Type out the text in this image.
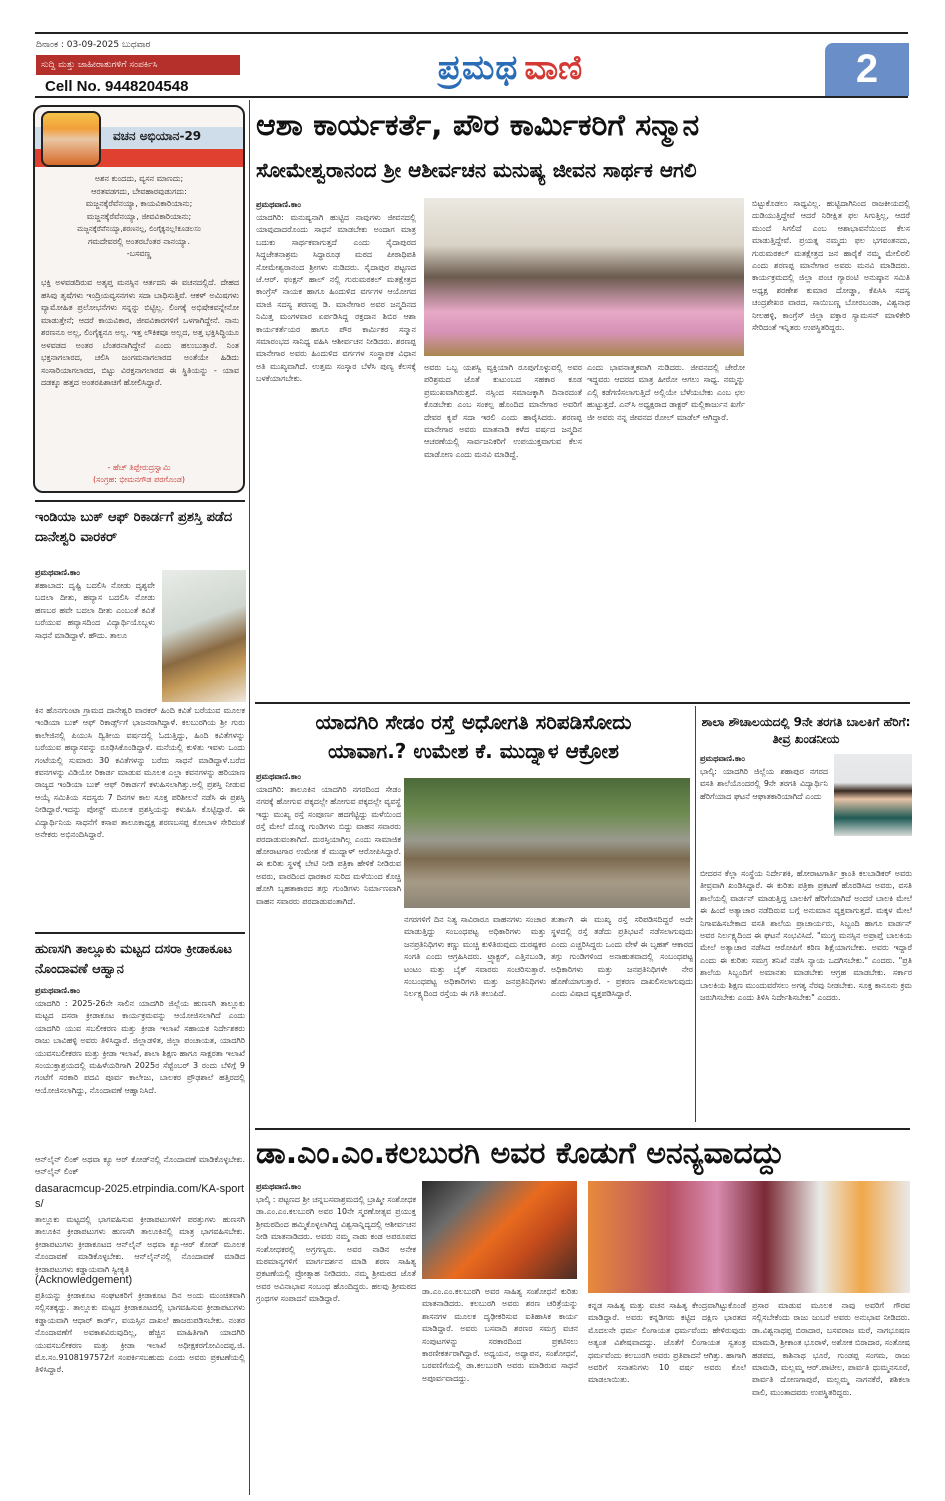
ದಿನಾಂಕ : 03-09-2025 ಬುಧವಾರ
ಸುದ್ದಿ ಮತ್ತು ಜಾಹೀರಾತುಗಳಿಗೆ ಸಂಪರ್ಕಿಸಿ
Cell No. 9448204548	ಪ್ರಮಥ ವಾಣಿ	2
ವಚನ ಅಭಿಯಾನ-29
ಅಶನ ಕುಂದದು, ವ್ಯಸನ ಮಾಣದು;
ಆರತವಡಗದು, ಬೇವಹಾರವುಡುಗದು:
ಮಜ್ಜನಕ್ಕೆರೆವೆನಯ್ಯಾ, ಕಾಯವಿಕಾರಿಯಾನು;
ಮಜ್ಜನಕ್ಕೆರೆವೆನಯ್ಯಾ, ಜೀವವಿಕಾರಿಯಾನು;
ಮಜ್ಜನಕ್ಕೆರೆವೆನಯ್ಯಾ,ಶರಣನಲ್ಲ, ಲಿಂಗೈಕ್ಯನಲ್ಲ!ಕೂಡಲಸಂ
ಗಮದೇವರಲ್ಲಿ ಅಂತರಬೆಂತರ ನಾನಯ್ಯಾ.
-ಬಸವಣ್ಣ
ಭಕ್ತಿ ಅಳವಡದಿರುವ ಅತೃಪ್ತ ಮನಸ್ಸಿನ ಆರ್ತದನಿ ಈ ವಚನದಲ್ಲಿದೆ. ದೇಹದ ಹಸಿವು ತೃಷೆಗಳು ಇಂದ್ರಿಯವ್ಯಸನಗಳು ಸದಾ ಬಾಧಿಸುತ್ತಿವೆ. ಆಕಳ್ ಅಮಿಷಗಳು ವ್ಯಾಮೋಹಿತ ಪ್ರಲೋಭನೆಗಳು ಸನ್ನನ್ನು ಬಿಟ್ಟಿಲ್ಲ. ಲಿಂಗಕ್ಕೆ ಅಭಿಷೇಕವನ್ನೇನೋ ಮಾಡುತ್ತೇನೆ; ಆದರೆ ಕಾಯವಿಕಾರ, ಜೀವವಿಕಾರಗಳಿಗೆ ಒಳಗಾಗಿದ್ದೇನೆ. ನಾನು ಶರಣನೂ ಅಲ್ಲ, ಲಿಂಗೈಕ್ಯನೂ ಅಲ್ಲ. ಇತ್ತ ಲೌಕಿಕವೂ ಅಲ್ಲದ, ಅತ್ತ ಭಕ್ತಿಸಿದ್ಧಿಯೂ ಅಳವಡದ ಅಂತರ ಬೆಂತರನಾಗಿದ್ದೇನೆ ಎಂದು ಹಲುಬುತ್ತಾರೆ. ನಿಂತ ಭಕ್ತನಾಗಲಾರದ, ಚಲಿಸಿ ಜಂಗಮನಾಗಲಾರದ ಅಂತೆಯೇ ಹಿಡಿದು ಸಂಸಾರಿಯಾಗಲಾರದ, ಬಿಟ್ಟು ವಿರಕ್ತನಾಗಲಾರದ ಈ ಸ್ಥಿತಿಯನ್ನು - ಯಾವ ದಡಕ್ಕೂ ಹತ್ತದ ಅಂತರಪಿಶಾಚಿಗೆ ಹೋಲಿಸಿದ್ದಾರೆ.
- ಹೆಚ್ ತಿಪ್ಪೇರುದ್ರಸ್ವಾಮಿ
(ಸಂಗ್ರಹ: ಭೀಮನಗೌಡ ಪರಗೊಂಡ)
ಇಂಡಿಯಾ ಬುಕ್ ಆಫ್ ರಿಕಾರ್ಡಗೆ ಪ್ರಶಸ್ತಿ ಪಡೆದ ದಾನೇಶ್ವರಿ ವಾರಕರ್
ಪ್ರಮಥವಾಣಿ.ಕಾಂ
ಶಹಾಬಾದ: ದೃಷ್ಟಿ ಬದಲಿಸಿ ನೋಡು ದೃಶ್ಯವೇ ಬದಲಾ ದೀತು, ಹವ್ಯಾಸ ಬದಲಿಸಿ ನೋಡು ಹಣಬರ ಹವೇ ಬದಲಾ ದೀತು ಎಂಬಂತೆ ಕವಿತೆ ಬರೆಯುವ ಹವ್ಯಾಸದಿಂದ ವಿದ್ಯಾರ್ಥಿಯೊಬ್ಬಳು ಸಾಧನೆ ಮಾಡಿದ್ದಾಳೆ. ಹೌದು. ತಾಲೂ
ಕಿನ ಹೊನಗುಂಟಾ ಗ್ರಾಮದ ದಾನೇಶ್ವರಿ ವಾರಕರ್ ಹಿಂದಿ ಕವಿತೆ ಬರೆಯುವ ಮೂಲಕ ಇಂಡಿಯಾ ಬುಕ್ ಆಫ್ ರಿಕಾರ್ಡ್ಸ್‌ಗೆ ಭಾಜನರಾಗಿದ್ದಾಳೆ. ಕಲಬುರಗಿಯ ಶ್ರೀ ಗುರು ಕಾಲೇಜಿನಲ್ಲಿ ಪಿಯುಸಿ ದ್ವಿತೀಯ ವರ್ಷದಲ್ಲಿ ಓದುತ್ತಿದ್ದು, ಹಿಂದಿ ಕವಿತೆಗಳನ್ನು ಬರೆಯುವ ಹವ್ಯಾಸವನ್ನು ರೂಢಿಸಿಕೊಂಡಿದ್ದಾಳೆ. ಮನೆಯಲ್ಲಿ ಕುಳಿತು ಇವಳು ಒಂದು ಗಂಟೆಯಲ್ಲಿ ಸುಮಾರು 30 ಕವಿತೆಗಳನ್ನು ಬರೆದು ಸಾಧನೆ ಮಾಡಿದ್ದಾಳೆ.ಬರೆದ ಕವನಗಳನ್ನು ವಿಡಿಯೋ ರಿಕಾರ್ಡ ಮಾಡುವ ಮೂಲಕ ಎಲ್ಲಾ ಕವನಗಳನ್ನು ಹರಿಯಾಣ ರಾಜ್ಯದ ಇಂಡಿಯಾ ಬುಕ್ ಆಫ್ ರಿಕಾರ್ಡಗೆ ಕಳುಹಿಸಲಾಗಿತ್ತು.ಅಲ್ಲಿ ಪ್ರಶಸ್ತಿ ನೀಡುವ ಆಯ್ಕೆ ಸಮಿತಿಯ ಸದಸ್ಯರು 7 ದಿನಗಳ ಕಾಲ ಸೂಕ್ತ ಪರಿಶೀಲನೆ ನಡೆಸಿ ಈ ಪ್ರಶಸ್ತಿ ನೀಡಿದ್ದಾರೆ.ಇದನ್ನು ಪೋಸ್ಟ್ ಮೂಲಕ ಪ್ರಶಸ್ತಿಯನ್ನು ಕಳುಹಿಸಿ ಕೊಟ್ಟಿದ್ದಾರೆ. ಈ ವಿದ್ಯಾರ್ಥಿನಿಯ ಸಾಧನೆಗೆ ಕಸಾಪ ತಾಲೂಕಾಧ್ಯಕ್ಷ ಶರಣಬಸಪ್ಪ ಕೋಬಾಳ ಸೇರಿದಂತೆ ಅನೇಕರು ಅಭಿನಂದಿಸಿದ್ದಾರೆ.
ಹುಣಸಗಿ ತಾಲ್ಲೂಕು ಮಟ್ಟದ ದಸರಾ ಕ್ರೀಡಾಕೂಟ ನೊಂದಾವಣೆ ಆಹ್ವಾನ
ಪ್ರಮಥವಾಣಿ.ಕಾಂ
ಯಾದಗಿರಿ : 2025-26ನೇ ಸಾಲಿನ ಯಾದಗಿರಿ ಜಿಲ್ಲೆಯ ಹುಣಸಗಿ ತಾಲ್ಲೂಕು ಮಟ್ಟದ ದಸರಾ ಕ್ರೀಡಾಕೂಟ ಕಾರ್ಯಕ್ರಮವನ್ನು ಆಯೋಜಿಸಲಾಗಿದೆ ಎಂದು ಯಾದಗಿರಿ ಯುವ ಸಬಲೀಕರಣ ಮತ್ತು ಕ್ರೀಡಾ ಇಲಾಖೆ ಸಹಾಯಕ ನಿರ್ದೇಶಕರು ರಾಜು ಬಾವಿಹಳ್ಳಿ ಅವರು ತಿಳಿಸಿದ್ದಾರೆ. ಜಿಲ್ಲಾಡಳಿತ, ಜಿಲ್ಲಾ ಪಂಚಾಯತ, ಯಾದಗಿರಿ ಯುವಸಬಲೀಕರಣ ಮತ್ತು ಕ್ರೀಡಾ ಇಲಾಖೆ, ಶಾಲಾ ಶಿಕ್ಷಣ ಹಾಗೂ ಸಾಕ್ಷರತಾ ಇಲಾಖೆ ಸಂಯುಕ್ತಾಶ್ರಯದಲ್ಲಿ ಮಹಿಳೆಯರಿಗಾಗಿ 2025ರ ಸೆಪ್ಟೆಂಬರ್ 3 ರಂದು ಬೆಳಿಗ್ಗೆ 9 ಗಂಟೆಗೆ ಸರಕಾರಿ ಪದವಿ ಪೂರ್ವ ಕಾಲೇಜು, ಬಾಲಕರ ಪ್ರೌಢಶಾಲೆ ಹತ್ತಿರದಲ್ಲಿ ಆಯೋಜಿಸಲಾಗಿದ್ದು, ನೊಂದಾವಣೆ ಆಹ್ವಾನಿಸಿದೆ.
ಆನ್‌ಲೈನ್ ಲಿಂಕ್ ಅಥವಾ ಕ್ಯೂ ಆರ್ ಕೋಡ್‌ನಲ್ಲಿ ನೊಂದಾವಣೆ ಮಾಡಿಕೊಳ್ಳಬೇಕು. ಆನ್‌ಲೈನ್ ಲಿಂಕ್
dasaracmcup-2025.etrpindia.com/KA-sports/
ತಾಲ್ಲೂಕು ಮಟ್ಟದಲ್ಲಿ ಭಾಗವಹಿಸುವ ಕ್ರೀಡಾಪಟುಗಳಿಗೆ ಪರತ್ತುಗಳು ಹುಣಸಗಿ ತಾಲೂಕಿನ ಕ್ರೀಡಾಪಟುಗಳು ಹುಣಸಗಿ ತಾಲೂಕಿನಲ್ಲಿ ಮಾತ್ರ ಭಾಗವಹಿಸಬೇಕು. ಕ್ರೀಡಾಪಟುಗಳು ಕ್ರೀಡಾಕೂಟದ ಆನ್‌ಲೈನ್ ಅಥವಾ ಕ್ಯೂ-ಆರ್ ಕೋಡ್ ಮೂಲಕ ನೊಂದಾವಣೆ ಮಾಡಿಕೊಳ್ಳಬೇಕು. ಆನ್‌ಲೈನ್‌ನಲ್ಲಿ ನೊಂದಾವಣೆ ಮಾಡಿದ ಕ್ರೀಡಾಪಟುಗಳು ಕಡ್ಡಾಯವಾಗಿ ಸ್ವೀಕೃತಿ
(Acknowledgement)
ಪ್ರತಿಯನ್ನು ಕ್ರೀಡಾಕೂಟ ಸಂಘಟಕರಿಗೆ ಕ್ರೀಡಾಕೂಟ ದಿನ ಅಂದು ಮುಂಚಿತವಾಗಿ ಸಲ್ಲಿಸತಕ್ಕದ್ದು. ತಾಲ್ಲೂಕು ಮಟ್ಟದ ಕ್ರೀಡಾಕೂಟದಲ್ಲಿ ಭಾಗವಹಿಸುವ ಕ್ರೀಡಾಪಟುಗಳು ಕಡ್ಡಾಯವಾಗಿ ಆಧಾರ್ ಕಾರ್ಡ್, ವಯಸ್ಸಿನ ದಾಖಲೆ ಹಾಜರುಪಡಿಸಬೇಕು. ನಂತರ ನೊಂದಾವಣೆಗೆ ಅವಕಾಶವಿರುವುದಿಲ್ಲ, ಹೆಚ್ಚಿನ ಮಾಹಿತಿಗಾಗಿ ಯಾದಗಿರಿ ಯುವಸಬಲೀಕರಣ ಮತ್ತು ಕ್ರೀಡಾ ಇಲಾಖೆ ಅಧೀಕ್ಷಕರಗೋವಿಂದಪ್ಪ.ಜಿ. ಮೊ.ಸಂ.9108197572ಗೆ ಸಂಪರ್ಕಿಸಬಹುದು ಎಂದು ಅವರು ಪ್ರಕಟಣೆಯಲ್ಲಿ ತಿಳಿಸಿದ್ದಾರೆ.
ಆಶಾ ಕಾರ್ಯಕರ್ತೆ, ಪೌರ ಕಾರ್ಮಿಕರಿಗೆ ಸನ್ಮಾನ
ಸೋಮೇಶ್ವರಾನಂದ ಶ್ರೀ ಆಶೀರ್ವಚನ ಮನುಷ್ಯ ಜೀವನ ಸಾರ್ಥಕ ಆಗಲಿ
ಪ್ರಮಥವಾಣಿ.ಕಾಂ
ಯಾದಗಿರಿ: ಮನುಷ್ಯನಾಗಿ ಹುಟ್ಟಿದ ನಾವುಗಳು ಜೀವನದಲ್ಲಿ ಯಾವುದಾದರೊಂದು ಸಾಧನೆ ಮಾಡಬೇಕು ಅಂದಾಗ ಮಾತ್ರ ಬದುಕು ಸಾರ್ಥಕವಾಗುತ್ತದೆ ಎಂದು ಸೈದಾಪುರದ ಸಿದ್ಧಜೇತನಾಶ್ರಮ ಸಿದ್ಧಾರೂಢ ಮಠದ ಪೀಠಾಧಿಪತಿ ಸೋಮೇಶ್ವರಾನಂದ ಶ್ರೀಗಳು ನುಡಿದರು. ಸೈದಾಪುರ ಪಟ್ಟಣದ ಜೆ.ಆರ್. ಫಂಕ್ಷನ್ ಹಾಲ್ ನಲ್ಲಿ ಗುರುಮಠಕಲ್ ಮತಕ್ಷೇತ್ರದ ಕಾಂಗ್ರೆಸ್ ನಾಯಕ ಹಾಗೂ ಹಿಂದುಳಿದ ವರ್ಗಗಳ ಆಯೋಗದ ಮಾಜಿ ಸದಸ್ಯ ಶರಣಪ್ಪ ಡಿ. ಮಾನೇಗಾರ ಅವರ ಜನ್ಮದಿನದ ನಿಮಿತ್ತ ಮಂಗಳವಾರ ಏರ್ಪಡಿಸಿದ್ದ ರಕ್ತದಾನ ಶಿಬಿರ ಆಶಾ ಕಾರ್ಯಕರ್ತೆಯರ ಹಾಗೂ ಪೌರ ಕಾರ್ಮಿಕರ ಸನ್ಮಾನ ಸಮಾರಂಭದ ಸಾನಿಧ್ಯ ವಹಿಸಿ ಆಶೀರ್ವಚನ ನೀಡಿದರು. ಶರಣಪ್ಪ ಮಾನೇಗಾರ ಅವರು ಹಿಂದುಳಿದ ವರ್ಗಗಳ ಸಂಸ್ಥಾಪಕ ವಿಧಾನ ಅತಿ ಮುಖ್ಯವಾಗಿದೆ. ಉತ್ತಮ ಸಂಸ್ಕಾರ ಬೆಳೆಸಿ ಪುಣ್ಯ ಕೆಲಸಕ್ಕೆ ಬಳಕೆಯಾಗಬೇಕು.
ಅವರು ಒಬ್ಬ ಯಶಸ್ವಿ ವ್ಯಕ್ತಿಯಾಗಿ ರೂಪುಗೊಳ್ಳುವಲ್ಲಿ ಅವರ ಪರಿಶ್ರಮದ ಜೊತೆ ಕುಟುಂಬದ ಸಹಕಾರ ಕೂಡ ಪ್ರಮುಖವಾಗಿರುತ್ತದೆ. ನಸ್ಸಿಂದ ಸಮಾಜಕ್ಕಾಗಿ ದಿನಾರದಂತೆ ಕೊಡಬೇಕು ಎಂಬ ಸಂಕಲ್ಪ ಹೊಂದಿದ ಮಾನೇಗಾರ ಅವರಿಗೆ ದೇವರ ಕೃಪೆ ಸದಾ ಇರಲಿ ಎಂದು ಹಾರೈಸಿದರು. ಶರಣಪ್ಪ ಮಾನೇಗಾರ ಅವರು ಮಾತನಾಡಿ ಕಳೆದ ವರ್ಷದ ಜನ್ಮದಿನ ಆಚರಣೆಯಲ್ಲಿ ಸಾರ್ವಜನಿಕರಿಗೆ ಉಪಯುಕ್ತವಾಗುವ ಕೆಲಸ ಮಾಡೋಣ ಎಂದು ಮನವಿ ಮಾಡಿದ್ದೆ.
ಎಂದು ಭಾವನಾತ್ಮಕವಾಗಿ ನುಡಿದರು. ಜೀವನದಲ್ಲಿ ಜೇರೋ ಇದ್ದವರು ಆದರದ ಮಾತ್ರ ಹೀರೋ ಆಗಲು ಸಾಧ್ಯ. ನಮ್ಮನ್ನು ಎಲ್ಲಿ ಕಡೆಗಣಿಸಲಾಗುತ್ತಿದೆ ಅಲ್ಲಿಯೇ ಬೆಳೆಯಬೇಕು ಎಂಬ ಛಲ ಹುಟ್ಟುತ್ತದೆ. ಎನ್‌ಸಿ ಅಧ್ಯಕ್ಷರಾದ ಡಾಕ್ಟರ್ ಮಲ್ಲಿಕಾರ್ಜುನ ಖರ್ಗೆ ಜೀ ಅವರು ನನ್ನ ಜೀವನದ ರೋಲ್ ಮಾಡೆಲ್ ಆಗಿದ್ದಾರೆ.
ಬಿಟ್ಟುಕೊಡಲು ಸಾಧ್ಯವಿಲ್ಲ. ಹುಟ್ಟಿದಾಗಿನಿಂದ ರಾಜಕೀಯದಲ್ಲಿ ದುಡಿಯುತ್ತಿದ್ದೇವೆ ಆದರೆ ನಿರೀಕ್ಷಿತ ಫಲ ಸಿಗುತ್ತಿಲ್ಲ, ಆದರೆ ಮುಂದೆ ಸಿಗಲಿದೆ ಎಂಬ ಆಶಾಭಾವನೆಯಿಂದ ಕೆಲಸ ಮಾಡುತ್ತಿದ್ದೇವೆ. ಪ್ರಯತ್ನ ನಮ್ಮದು ಫಲ ಭಗವಂತನದು, ಗುರುಮಠಕಲ್ ಮತಕ್ಷೇತ್ರದ ಜನ ಹಾರೈಕೆ ನಮ್ಮ ಮೇಲಿರಲಿ ಎಂದು ಶರಣಪ್ಪ ಮಾನೇಗಾರ ಅವರು ಮನವಿ ಮಾಡಿದರು. ಕಾರ್ಯಕ್ರಮದಲ್ಲಿ ಜಿಲ್ಲಾ ಪಂಚ ಗ್ಯಾರಂಟಿ ಅನುಷ್ಠಾನ ಸಮಿತಿ ಅಧ್ಯಕ್ಷ ಶರಣೇಶ ಕುಮಾರ ದೋಡ್ಡಾ, ಕೆಪಿಸಿಸಿ ಸದಸ್ಯ ಚಂದ್ರಶೇಖರ ವಾರದ, ಸಾಯಿಬಣ್ಣ ಬೋರಬಂಡಾ, ವಿಶ್ವನಾಥ ನೀಲಹಳ್ಳಿ, ಕಾಂಗ್ರೆಸ್ ಜಿಲ್ಲಾ ವಕ್ತಾರ ಸ್ಯಾಮಸನ್ ಮಾಳಿಕೇರಿ ಸೇರಿದಂತೆ ಇನ್ನಿತರು ಉಪಸ್ಥಿತರಿದ್ದರು.
ಯಾದಗಿರಿ ಸೇಡಂ ರಸ್ತೆ ಅಧೋಗತಿ ಸರಿಪಡಿಸೋದು
ಯಾವಾಗ.? ಉಮೇಶ ಕೆ. ಮುದ್ನಾಳ ಆಕ್ರೋಶ
ಪ್ರಮಥವಾಣಿ.ಕಾಂ
ಯಾದಗಿರಿ: ತಾಲೂಕಿನ ಯಾದಗಿರಿ ನಗರದಿಂದ ಸೇಡಂ ನಗರಕ್ಕೆ ಹೋಗುವ ಪಕ್ಕದಲ್ಲೇ ಹೋಗುವ ಪಕ್ಕದಲ್ಲೇ ವ್ಯವಸ್ಥೆ ಇದ್ದು ಮುಖ್ಯ ರಸ್ತೆ ಸಂಪೂರ್ಣ ಹದಗೆಟ್ಟಿದ್ದು ಮಳೆಯಿಂದ ರಸ್ತೆ ಮೇಲೆ ದೊಡ್ಡ ಗುಂಡಿಗಳು ಬಿದ್ದು ವಾಹನ ಸವಾರರು ಪರದಾಡುವಂತಾಗಿದೆ. ದುರಸ್ತಿಯಾಗಿಲ್ಲ ಎಂದು ಸಾಮಾಜಿಕ ಹೋರಾಟಗಾರ ಉಮೇಶ ಕೆ ಮುದ್ನಾಳ್ ಆರೋಪಿಸಿದ್ದಾರೆ. ಈ ಕುರಿತು ಸ್ಥಳಕ್ಕೆ ಬೇಟಿ ನೀಡಿ ಪತ್ರಿಕಾ ಹೇಳಿಕೆ ನೀಡಿರುವ ಅವರು, ವಾರದಿಂದ ಧಾರಕಾರ ಸುರಿದ ಮಳೆಯಿಂದ ಕೊಚ್ಚಿ ಹೋಗಿ ಬೃಹತಾಕಾರದ ತಗ್ಗು ಗುಂಡಿಗಳು ನಿರ್ಮಾಣವಾಗಿ ವಾಹನ ಸವಾರರು ಪರದಾಡುವಂತಾಗಿದೆ.
ನಗರಗಳಿಗೆ ದಿನ ನಿತ್ಯ ಸಾವಿರಾರೂ ವಾಹನಗಳು ಸಂಚಾರ ಮಾಡುತ್ತಿದ್ದು ಸಂಬಂಧಪಟ್ಟ ಅಧಿಕಾರಿಗಳು ಮತ್ತು ಜನಪ್ರತಿನಿಧಿಗಳು ಕಣ್ಣು ಮುಚ್ಚಿ ಕುಳಿತಿರುವುದು ದುರಷ್ಟಕರ ಸಂಗತಿ ಎಂದು ಆಗ್ರಹಿಸಿದರು. ಟ್ರ್ಯಾಕ್ಟರ್, ಎತ್ತಿನಬಂಡಿ, ಟಂಟಂ ಮತ್ತು ಬೈಕ್ ಸವಾರರು ಸಂಚರಿಸುತ್ತಾರೆ. ಸಂಬಂಧಪಟ್ಟ ಅಧಿಕಾರಿಗಳು ಮತ್ತು ಜನಪ್ರತಿನಿಧಿಗಳು ನಿರ್ಲಕ್ಷ್ಯದಿಂದ ರಸ್ತೆಯ ಈ ಗತಿ ತಲುಪಿದೆ.
ತುರ್ತಾಗಿ ಈ ಮುಖ್ಯ ರಸ್ತೆ ಸರಿಪಡಿಸದಿದ್ದರೆ ಅದೇ ಸ್ಥಳದಲ್ಲಿ ರಸ್ತೆ ತಡೆದು ಪ್ರತಿಭಟನೆ ನಡೆಸಲಾಗುವುದು ಎಂದು ಎಚ್ಚರಿಸಿದ್ದರು ಒಂದು ವೇಳೆ ಈ ಬೃಹತ್ ಆಕಾರದ ತಗ್ಗು ಗುಂಡಿಗಳಿಂದ ಅನಾಹುತವಾದಲ್ಲಿ ಸಂಬಂಧಪಟ್ಟ ಅಧಿಕಾರಿಗಳು ಮತ್ತು ಜನಪ್ರತಿನಿಧಿಗಳೇ ನೇರ ಹೊಣೆಯಾಗುತ್ತಾರೆ. - ಪ್ರಕರಣ ದಾಖಲಿಸಲಾಗುವುದು ಎಂದು ವಿಷಾದ ವ್ಯಕ್ತಪಡಿಸಿದ್ದಾರೆ.
ಶಾಲಾ ಶೌಚಾಲಯದಲ್ಲಿ 9ನೇ ತರಗತಿ ಬಾಲಕಿಗೆ ಹೆರಿಗೆ: ತೀವ್ರ ಖಂಡನೀಯ
ಪ್ರಮಥವಾಣಿ.ಕಾಂ
ಭಾಲ್ಕಿ: ಯಾದಗಿರಿ ಜಿಲ್ಲೆಯ ಶಹಾಪುರ ನಗರದ ವಸತಿ ಶಾಲೆಯೊಂದರಲ್ಲಿ 9ನೇ ತರಗತಿ ವಿದ್ಯಾರ್ಥಿನಿ ಹೆರಿಗೆಯಾದ ಘಟನೆ ಆಘಾತಕಾರಿಯಾಗಿದೆ ಎಂದು
ಬೀದರನ ಕೆಲ್ಲಾ ಸಂಸ್ಥೆಯ ನಿರ್ದೇಶಕಿ, ಹೋರಾಟಗಾರ್ತಿ ಕ್ರಾಂತಿ ಕಲಬಾಡಿಕರ್ ಅವರು ತೀವ್ರವಾಗಿ ಖಂಡಿಸಿದ್ದಾರೆ. ಈ ಕುರಿತು ಪತ್ರಿಕಾ ಪ್ರಕಟಣೆ ಹೊರಡಿಸಿದ ಅವರು, ವಸತಿ ಶಾಲೆಯಲ್ಲಿ ವಾರ್ಡನ್ ಮಾಡುತ್ತಿದ್ದ ಬಾಲಕಿಗೆ ಹೆರಿಗೆಯಾಗಿದೆ ಅಂದರೆ ಬಾಲಕಿ ಮೇಲೆ ಈ ಹಿಂದೆ ಅತ್ಯಾಚಾರ ನಡೆದಿರುವ ಬಗ್ಗೆ ಅನುಮಾನ ವ್ಯಕ್ತವಾಗುತ್ತದೆ. ಮಕ್ಕಳ ಮೇಲೆ ನಿಗಾವಹಿಸಬೇಕಾದ ವಸತಿ ಶಾಲೆಯ ಪ್ರಾಚಾರ್ಯರು, ಸಿಬ್ಬಂದಿ ಹಾಗೂ ವಾರ್ಡನ್ ಅವರ ನಿರ್ಲಕ್ಷ್ಯದಿಂದ ಈ ಘಟನೆ ಸಂಭವಿಸಿದೆ. "ಮುಗ್ಧ ಮನಸ್ಸಿನ ಅಪ್ರಾಪ್ತೆ ಬಾಲಕಿಯ ಮೇಲೆ ಅತ್ಯಾಚಾರ ನಡೆಸಿದ ಆರೋಪಿಗೆ ಕಠಿಣ ಶಿಕ್ಷೆಯಾಗಬೇಕು. ಅವರು ಇದ್ದಾರೆ ಎಂದು ಈ ಕುರಿತು ಸಮಗ್ರ ತನಿಖೆ ನಡೆಸಿ ನ್ಯಾಯ ಒದಗಿಸಬೇಕು." ಎಂದರು. "ಪ್ರತಿ ಶಾಲೆಯ ಸಿಬ್ಬಂದಿಗೆ ಅಮಾನತು ಮಾಡಬೇಕು ಆಗ್ರಹ ಮಾಡಬೇಕು. ಸರ್ಕಾರ ಬಾಲಕಿಯ ಶಿಕ್ಷಣ ಮುಂದುವರೆಸಲು ಅಗತ್ಯ ನೆರವು ನೀಡಬೇಕು. ಸೂಕ್ತ ಕಾನೂನು ಕ್ರಮ ಜರುಗಿಸಬೇಕು ಎಂದು ತಿಳಿಸಿ ನಿರ್ದೇಶಿಸಬೇಕು" ಎಂದರು.
ಡಾ.ಎಂ.ಎಂ.ಕಲಬುರಗಿ ಅವರ ಕೊಡುಗೆ ಅನನ್ಯವಾದದ್ದು
ಪ್ರಮಥವಾಣಿ.ಕಾಂ
ಭಾಲ್ಕಿ : ಪಟ್ಟಣದ ಶ್ರೀ ಚನ್ನಬಸವಾಶ್ರಮದಲ್ಲಿ ಬ್ರಾಹ್ಮೀ ಸಂಶೋಧಕ ಡಾ.ಎಂ.ಎಂ.ಕಲಬುರಗಿ ಅವರ 10ನೇ ಸ್ಮರಣೋತ್ಸವ ಪ್ರಯುಕ್ತ ಶ್ರೀಮಠದಿಂದ ಹಮ್ಮಿಕೊಳ್ಳಲಾಗಿದ್ದ ವಿಶ್ವಸಾನ್ನಿದ್ಯದಲ್ಲಿ ಆಶೀರ್ವಚನ ನೀಡಿ ಮಾತನಾಡಿದರು. ಅವರು ನಮ್ಮ ನಾಡು ಕಂಡ ಅಪರೂಪದ ಸಂಶೋಧಕರಲ್ಲಿ ಅಗ್ರಗಣ್ಯರು. ಅವರ ನಾಡಿನ ಅನೇಕ ಮಠಮಾನ್ಯಗಳಿಗೆ ಮಾರ್ಗದರ್ಶನ ಮಾಡಿ ಶರಣ ಸಾಹಿತ್ಯ ಪ್ರಕಟಣೆಯಲ್ಲಿ ಪ್ರೋತ್ಸಾಹ ನೀಡಿದರು. ನಮ್ಮ ಶ್ರೀಮಠದ ಜೊತೆ ಅವರ ಅವಿನಾಭಾವ ಸಂಬಂಧ ಹೊಂದಿದ್ದರು. ಹಲವು ಶ್ರೀಮಠದ ಗ್ರಂಥಗಳ ಸಂಪಾದನೆ ಮಾಡಿದ್ದಾರೆ.
ಡಾ.ಎಂ.ಎಂ.ಕಲಬುರಗಿ ಅವರ ಸಾಹಿತ್ಯ ಸಂಶೋಧನೆ ಕುರಿತು ಮಾತನಾಡಿದರು. ಕಲಬುರಗಿ ಅವರು ಶರಣ ಚರಿತ್ರೆಯನ್ನು ಶಾಸನಗಳ ಮೂಲಕ ದೃಢೀಕರಿಸುವ ಐತಿಹಾಸಿಕ ಕಾರ್ಯ ಮಾಡಿದ್ದಾರೆ. ಅವರು ಬಸವಾದಿ ಶರಣರ ಸಮಗ್ರ ವಚನ ಸಂಪುಟಗಳನ್ನು ಸರಕಾರದಿಂದ ಪ್ರಕಟಿಸಲು ಕಾರಣೀಕರ್ತರಾಗಿದ್ದಾರೆ. ಅಧ್ಯಯನ, ಅಧ್ಯಾಪನ, ಸಂಶೋಧನೆ, ಬರವಣಿಗೆಯಲ್ಲಿ ಡಾ.ಕಲಬುರಗಿ ಅವರು ಮಾಡಿರುವ ಸಾಧನೆ ಅಪೂರ್ವವಾದದ್ದು.
ಕನ್ನಡ ಸಾಹಿತ್ಯ ಮತ್ತು ವಚನ ಸಾಹಿತ್ಯ ಕೇಂದ್ರವಾಗಿಟ್ಟುಕೊಂಡೆ ಮಾಡಿದ್ದಾರೆ. ಅವರು ಕನ್ನಡಿಗರು ಕಟ್ಟಿದ ದಕ್ಷಿಣ ಭಾರತದ ಮೊದಲನೇ ಧರ್ಮ ಲಿಂಗಾಯತ ಧರ್ಮವೆಂದು ಹೇಳಿರುವುದು ಅತ್ಯಂತ ವಿಶೇಷವಾದದ್ದು. ಜೊತೆಗೆ ಲಿಂಗಾಯತ ಸ್ವತಂತ್ರ ಧರ್ಮವೆಂದು ಕಲಬುರಗಿ ಅವರು ಪ್ರತಿಪಾದನೆ ಆಗಿತ್ತು. ಹಾಗಾಗಿ ಅವರಿಗೆ ಸನಾತನಿಗಳು 10 ವರ್ಷ ಅವರು ಕೊಲೆ ಮಾಡಲಾಯಿತು.
ಪ್ರಸಾರ ಮಾಡುವ ಮೂಲಕ ನಾವು ಅವರಿಗೆ ಗೌರವ ಸಲ್ಲಿಸಬೇಕೆಂದು ರಾಜು ಜುಬರೆ ಅವರು ಅನುಭಾವ ನೀಡಿದರು. ಡಾ.ವಿಶ್ವನಾಥಪ್ಪ ಬಿರಾದಾರ, ಬಸವರಾಜ ಮರೆ, ನಾಗಭೂಷಣ ಮಾಮಡಿ, ಶ್ರೀಕಾಂತ ಭೂರಾಳೆ, ಅಶೋಕ ಬಿರಾದಾರ, ಸಂತೋಷ ಹಡಪದ, ಕಾಶಿನಾಥ ಭೂರೆ, ಗುಂಡಪ್ಪ ಸಂಗಮ, ರಾಜು ಮಾಮಡಿ, ಮಲ್ಲಮ್ಮ ಆರ್.ಪಾಟೀಲ, ಪಾರ್ವತಿ ಧುಮ್ಮನಸೂರೆ, ಪಾರ್ವತಿ ದೋಣಗಾಪುರೆ, ಮಲ್ಲಮ್ಮ ನಾಗನಕೆರೆ, ಶಶಿಕಲಾ ವಾಲಿ, ಮುಂತಾದವರು ಉಪಸ್ಥಿತರಿದ್ದರು.
